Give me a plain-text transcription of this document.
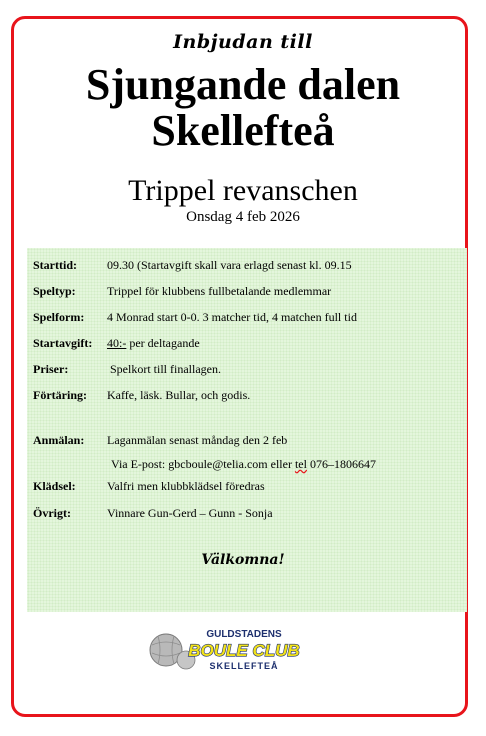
Inbjudan till
Sjungande dalen
Skellefteå
Trippel revanschen
Onsdag 4 feb 2026
Starttid:	09.30 (Startavgift skall vara erlagd senast kl. 09.15
Speltyp:	Trippel för klubbens fullbetalande medlemmar
Spelform: 4 Monrad start 0-0. 3 matcher tid, 4 matchen full tid
Startavgift: 40:- per deltagande
Priser:	Spelkort till finallagen.
Förtäring: Kaffe, läsk. Bullar, och godis.
Anmälan: Laganmälan senast måndag den 2 feb
Via E-post: gbcboule@telia.com eller tel 076–1806647
Klädsel:	Valfri men klubbklädsel föredras
Övrigt:	Vinnare Gun-Gerd – Gunn - Sonja
Välkomna!
GULDSTADENS
BOULE CLUB
SKELLEFTEÅ
